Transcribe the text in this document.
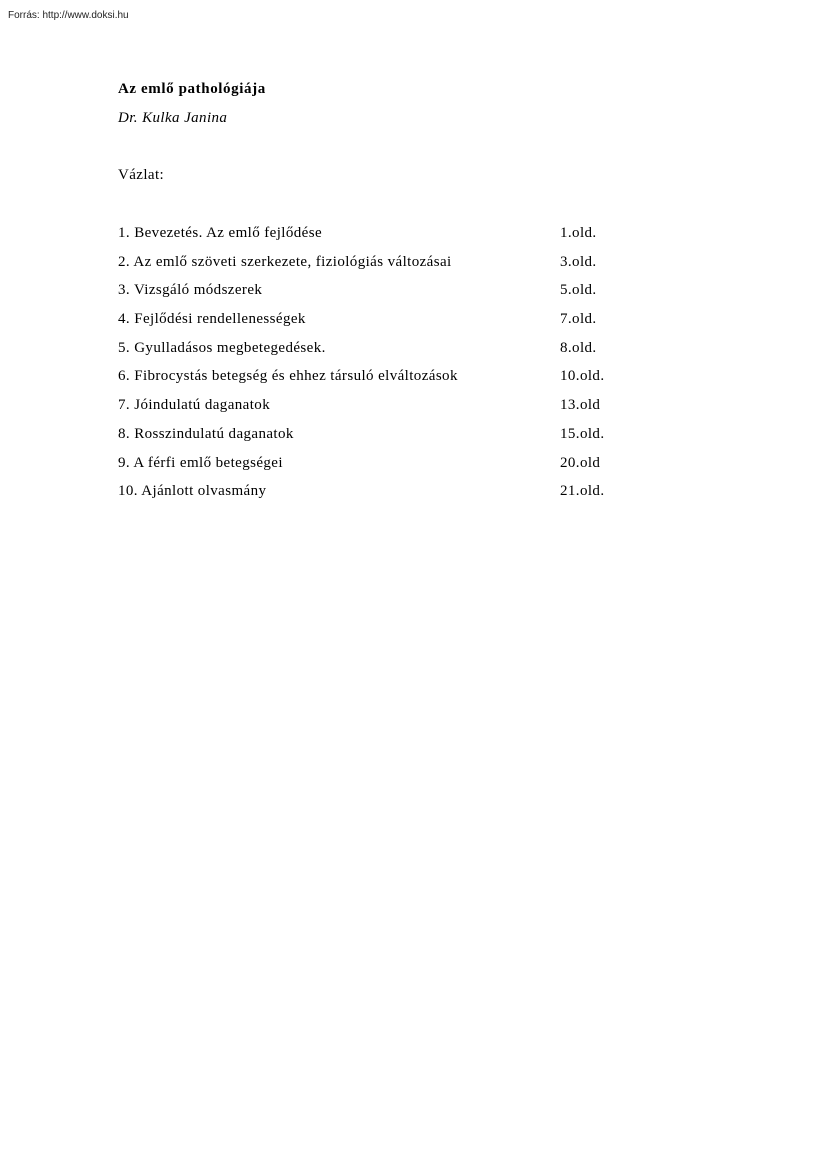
Forrás: http://www.doksi.hu
Az emlő pathológiája
Dr. Kulka Janina
Vázlat:
1. Bevezetés. Az emlő fejlődése	1.old.
2. Az emlő szöveti szerkezete, fiziológiás változásai	3.old.
3. Vizsgáló módszerek	5.old.
4. Fejlődési rendellenességek	7.old.
5. Gyulladásos megbetegedések.	8.old.
6. Fibrocystás betegség és ehhez társuló elváltozások	10.old.
7. Jóindulatú daganatok	13.old
8. Rosszindulatú daganatok	15.old.
9. A férfi emlő betegségei	20.old
10. Ajánlott olvasmány	21.old.
